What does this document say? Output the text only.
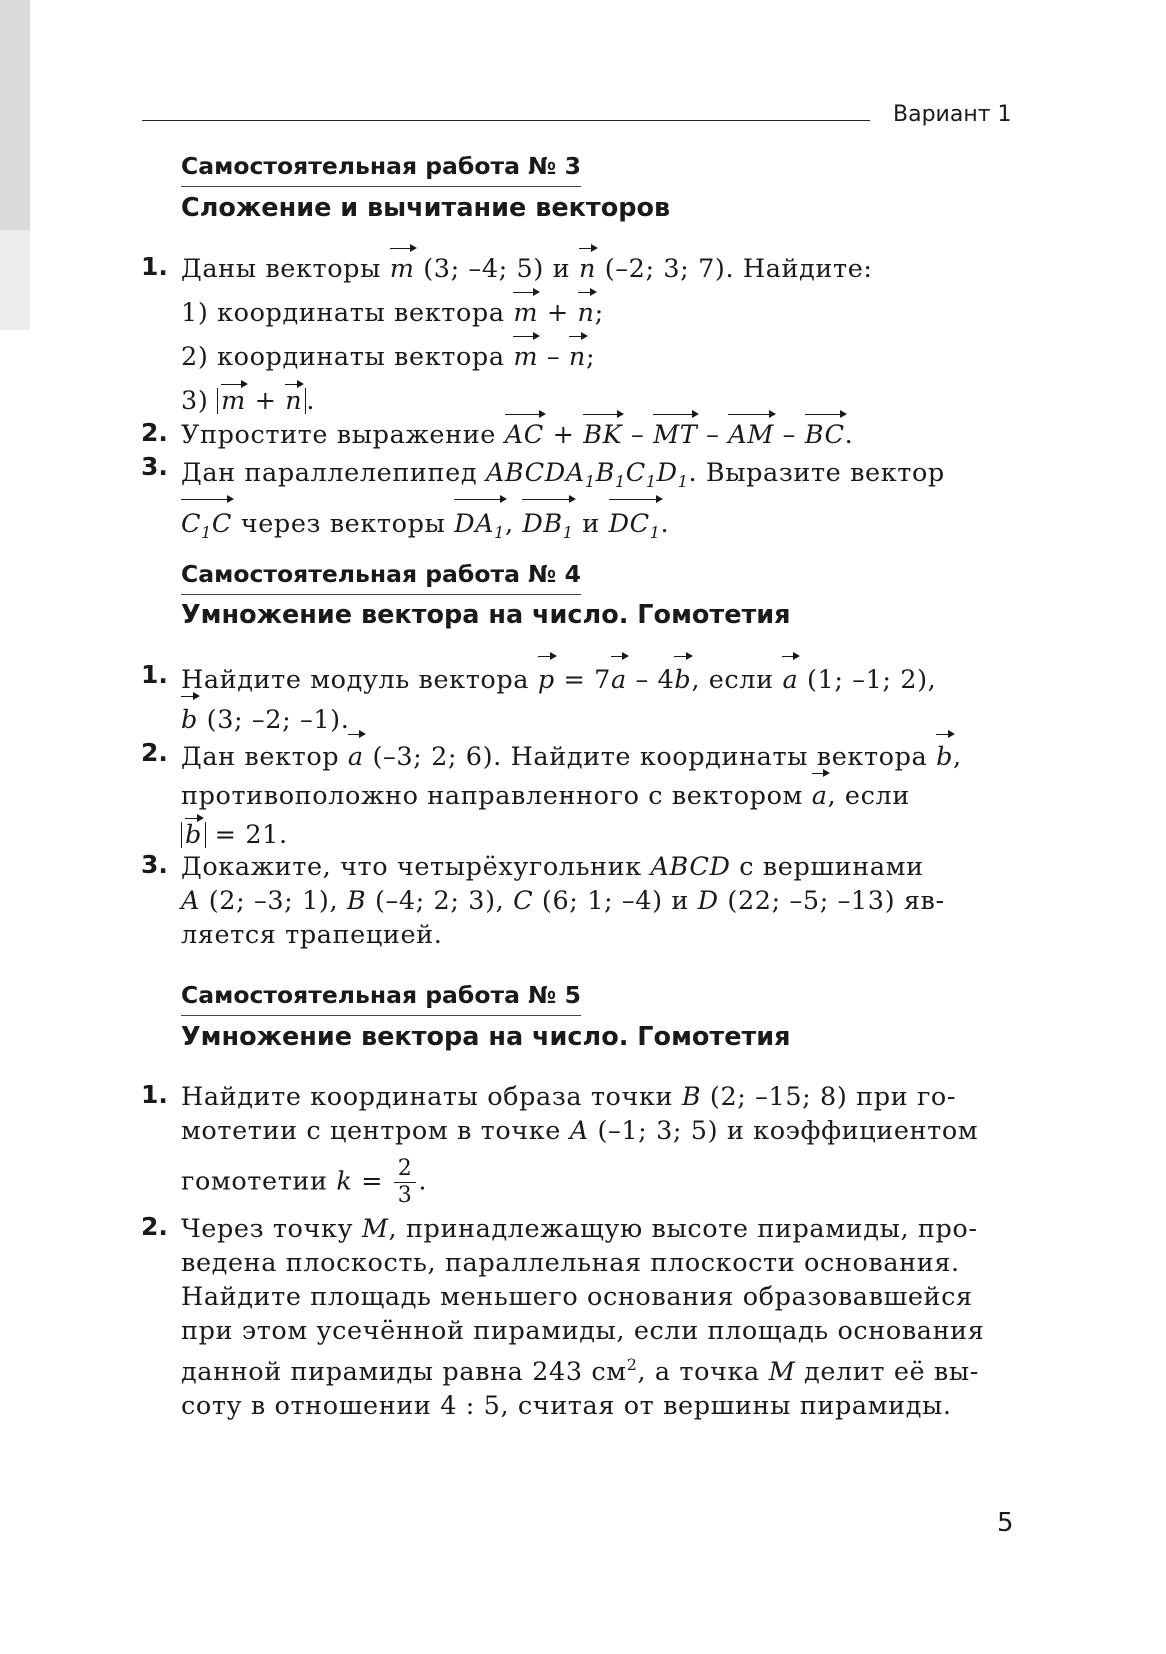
Вариант 1
Самостоятельная работа № 3
Сложение и вычитание векторов
1. Даны векторы m (3; –4; 5) и n (–2; 3; 7). Найдите:
1) координаты вектора m + n;
2) координаты вектора m – n;
3) m + n .
2. Упростите выражение AC + BK – MT – AM – BC.
3. Дан параллелепипед $ABCDA_1B_1C_1D_1$. Выразите вектор
$C_1C$ через векторы $DA_1$, $DB_1$ и $DC_1$.
Самостоятельная работа № 4
Умножение вектора на число. Гомотетия
1. Найдите модуль вектора p = 7a – 4b, если a (1; –1; 2),
b (3; –2; –1).
2. Дан вектор a (–3; 2; 6). Найдите координаты вектора b,
противоположно направленного с вектором a, если
b = 21.
3. Докажите, что четырёхугольник ABCD с вершинами
A (2; –3; 1), B (–4; 2; 3), C (6; 1; –4) и D (22; –5; –13) яв-
ляется трапецией.
Самостоятельная работа № 5
Умножение вектора на число. Гомотетия
1. Найдите координаты образа точки B (2; –15; 8) при го-
мотетии с центром в точке A (–1; 3; 5) и коэффициентом
гомотетии $k = \frac{2}{3}$ .
2. Через точку M, принадлежащую высоте пирамиды, про-
ведена плоскость, параллельная плоскости основания.
Найдите площадь меньшего основания образовавшейся
при этом усечённой пирамиды, если площадь основания
данной пирамиды равна 243 $см^2$, а точка M делит её вы-
соту в отношении 4 : 5, считая от вершины пирамиды.
5
